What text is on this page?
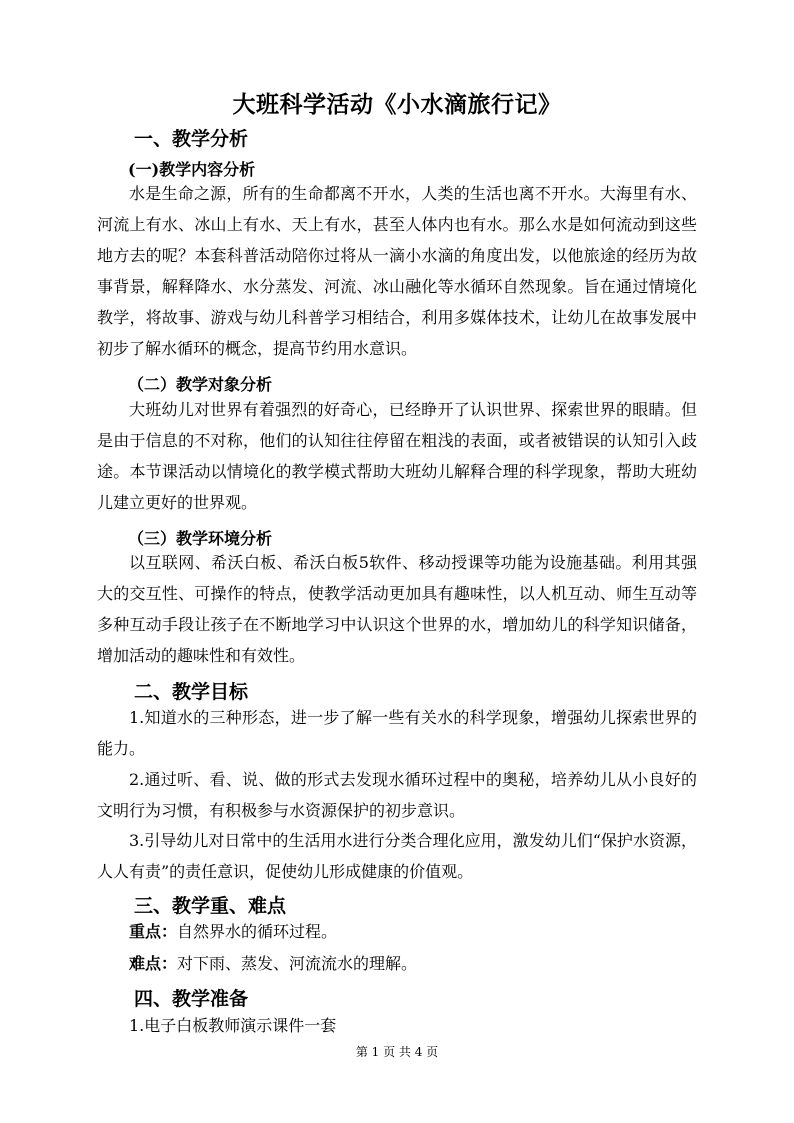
大班科学活动《小水滴旅行记》
一、教学分析
(一)教学内容分析
水是生命之源，所有的生命都离不开水，人类的生活也离不开水。大海里有水、河流上有水、冰山上有水、天上有水，甚至人体内也有水。那么水是如何流动到这些地方去的呢？本套科普活动陪你过将从一滴小水滴的角度出发，以他旅途的经历为故事背景，解释降水、水分蒸发、河流、冰山融化等水循环自然现象。旨在通过情境化教学，将故事、游戏与幼儿科普学习相结合，利用多媒体技术，让幼儿在故事发展中初步了解水循环的概念，提高节约用水意识。
（二）教学对象分析
大班幼儿对世界有着强烈的好奇心，已经睁开了认识世界、探索世界的眼睛。但是由于信息的不对称，他们的认知往往停留在粗浅的表面，或者被错误的认知引入歧途。本节课活动以情境化的教学模式帮助大班幼儿解释合理的科学现象，帮助大班幼儿建立更好的世界观。
（三）教学环境分析
以互联网、希沃白板、希沃白板5软件、移动授课等功能为设施基础。利用其强大的交互性、可操作的特点，使教学活动更加具有趣味性，以人机互动、师生互动等多种互动手段让孩子在不断地学习中认识这个世界的水，增加幼儿的科学知识储备，增加活动的趣味性和有效性。
二、教学目标
1.知道水的三种形态，进一步了解一些有关水的科学现象，增强幼儿探索世界的能力。
2.通过听、看、说、做的形式去发现水循环过程中的奥秘，培养幼儿从小良好的文明行为习惯，有积极参与水资源保护的初步意识。
3.引导幼儿对日常中的生活用水进行分类合理化应用，激发幼儿们“保护水资源，人人有责”的责任意识，促使幼儿形成健康的价值观。
三、教学重、难点
重点：自然界水的循环过程。
难点：对下雨、蒸发、河流流水的理解。
四、教学准备
1.电子白板教师演示课件一套
第 1 页 共 4 页
